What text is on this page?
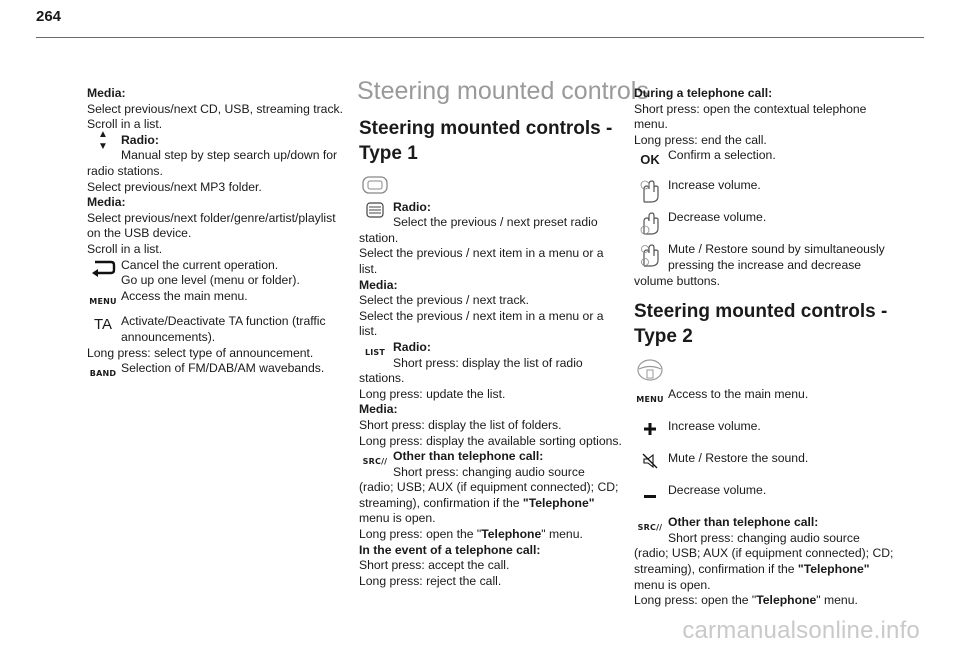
264
Media:
Select previous/next CD, USB, streaming track.
Scroll in a list.
▲
▼ Radio:
Manual step by step search up/down for
radio stations.
Select previous/next MP3 folder.
Media:
Select previous/next folder/genre/artist/playlist
on the USB device.
Scroll in a list.
Cancel the current operation.
Go up one level (menu or folder).
MENU Access the main menu.
TA Activate/Deactivate TA function (traffic
announcements).
Long press: select type of announcement.
BAND Selection of FM/DAB/AM wavebands.
Steering mounted controls
Steering mounted controls -
Type 1
Radio:
Select the previous / next preset radio
station.
Select the previous / next item in a menu or a
list.
Media:
Select the previous / next track.
Select the previous / next item in a menu or a
list.
LIST Radio:
Short press: display the list of radio
stations.
Long press: update the list.
Media:
Short press: display the list of folders.
Long press: display the available sorting options.
SRC// Other than telephone call:
Short press: changing audio source
(radio; USB; AUX (if equipment connected); CD;
streaming), confirmation if the "Telephone"
menu is open.
Long press: open the "Telephone" menu.
In the event of a telephone call:
Short press: accept the call.
Long press: reject the call.
During a telephone call:
Short press: open the contextual telephone
menu.
Long press: end the call.
OK Confirm a selection.
Increase volume.
Decrease volume.
Mute / Restore sound by simultaneously
pressing the increase and decrease
volume buttons.
Steering mounted controls -
Type 2
MENU Access to the main menu.
Increase volume.
Mute / Restore the sound.
Decrease volume.
SRC// Other than telephone call:
Short press: changing audio source
(radio; USB; AUX (if equipment connected); CD;
streaming), confirmation if the "Telephone"
menu is open.
Long press: open the "Telephone" menu.
carmanualsonline.info
